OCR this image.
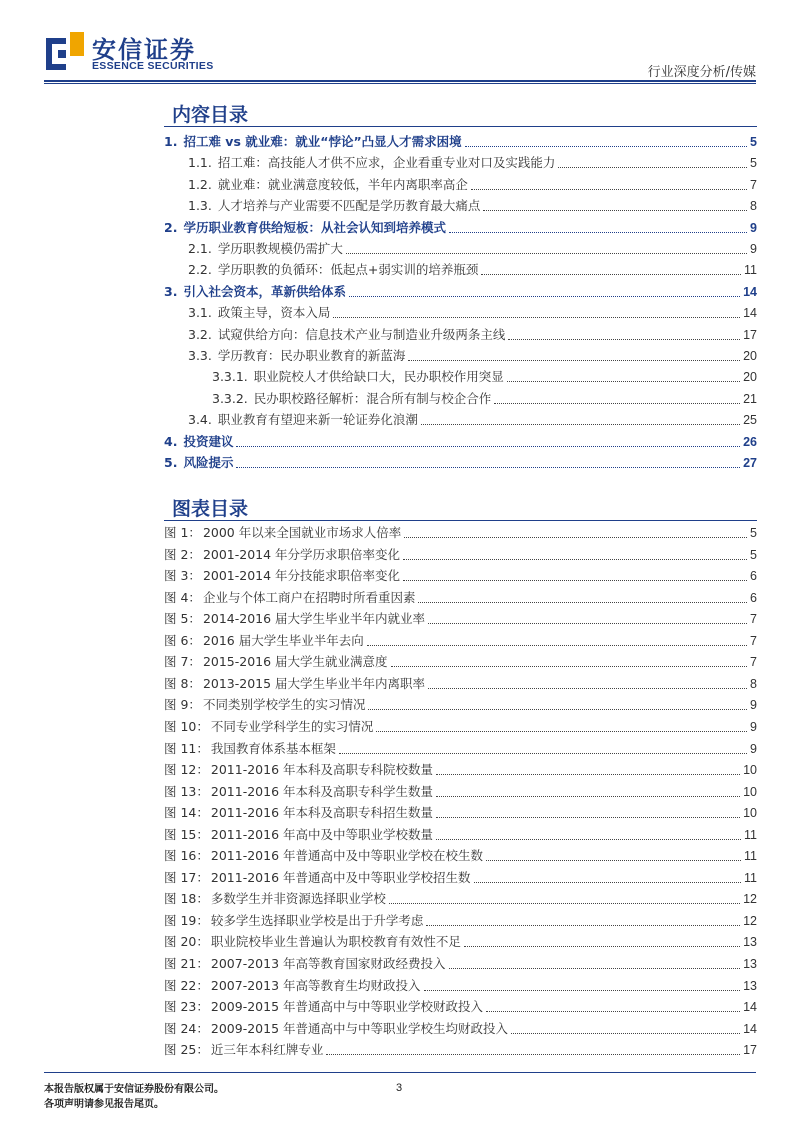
安信证券
ESSENCE SECURITIES	行业深度分析/传媒
内容目录
1. 招工难 vs 就业难：就业“悖论”凸显人才需求困境	5
1.1. 招工难：高技能人才供不应求，企业看重专业对口及实践能力	5
1.2. 就业难：就业满意度较低，半年内离职率高企	7
1.3. 人才培养与产业需要不匹配是学历教育最大痛点	8
2. 学历职业教育供给短板：从社会认知到培养模式	9
2.1. 学历职教规模仍需扩大	9
2.2. 学历职教的负循环：低起点+弱实训的培养瓶颈	11
3. 引入社会资本，革新供给体系	14
3.1. 政策主导，资本入局	14
3.2. 试窥供给方向：信息技术产业与制造业升级两条主线	17
3.3. 学历教育：民办职业教育的新蓝海	20
3.3.1. 职业院校人才供给缺口大，民办职校作用突显	20
3.3.2. 民办职校路径解析：混合所有制与校企合作	21
3.4. 职业教育有望迎来新一轮证券化浪潮	25
4. 投资建议	26
5. 风险提示	27
图表目录
图 1： 2000 年以来全国就业市场求人倍率	5
图 2： 2001-2014 年分学历求职倍率变化	5
图 3： 2001-2014 年分技能求职倍率变化	6
图 4： 企业与个体工商户在招聘时所看重因素	6
图 5： 2014-2016 届大学生毕业半年内就业率	7
图 6： 2016 届大学生毕业半年去向	7
图 7： 2015-2016 届大学生就业满意度	7
图 8： 2013-2015 届大学生毕业半年内离职率	8
图 9： 不同类别学校学生的实习情况	9
图 10： 不同专业学科学生的实习情况	9
图 11： 我国教育体系基本框架	9
图 12： 2011-2016 年本科及高职专科院校数量	10
图 13： 2011-2016 年本科及高职专科学生数量	10
图 14： 2011-2016 年本科及高职专科招生数量	10
图 15： 2011-2016 年高中及中等职业学校数量	11
图 16： 2011-2016 年普通高中及中等职业学校在校生数	11
图 17： 2011-2016 年普通高中及中等职业学校招生数	11
图 18： 多数学生并非资源选择职业学校	12
图 19： 较多学生选择职业学校是出于升学考虑	12
图 20： 职业院校毕业生普遍认为职校教育有效性不足	13
图 21： 2007-2013 年高等教育国家财政经费投入	13
图 22： 2007-2013 年高等教育生均财政投入	13
图 23： 2009-2015 年普通高中与中等职业学校财政投入	14
图 24： 2009-2015 年普通高中与中等职业学校生均财政投入	14
图 25： 近三年本科红牌专业	17
本报告版权属于安信证券股份有限公司。
各项声明请参见报告尾页。
3
